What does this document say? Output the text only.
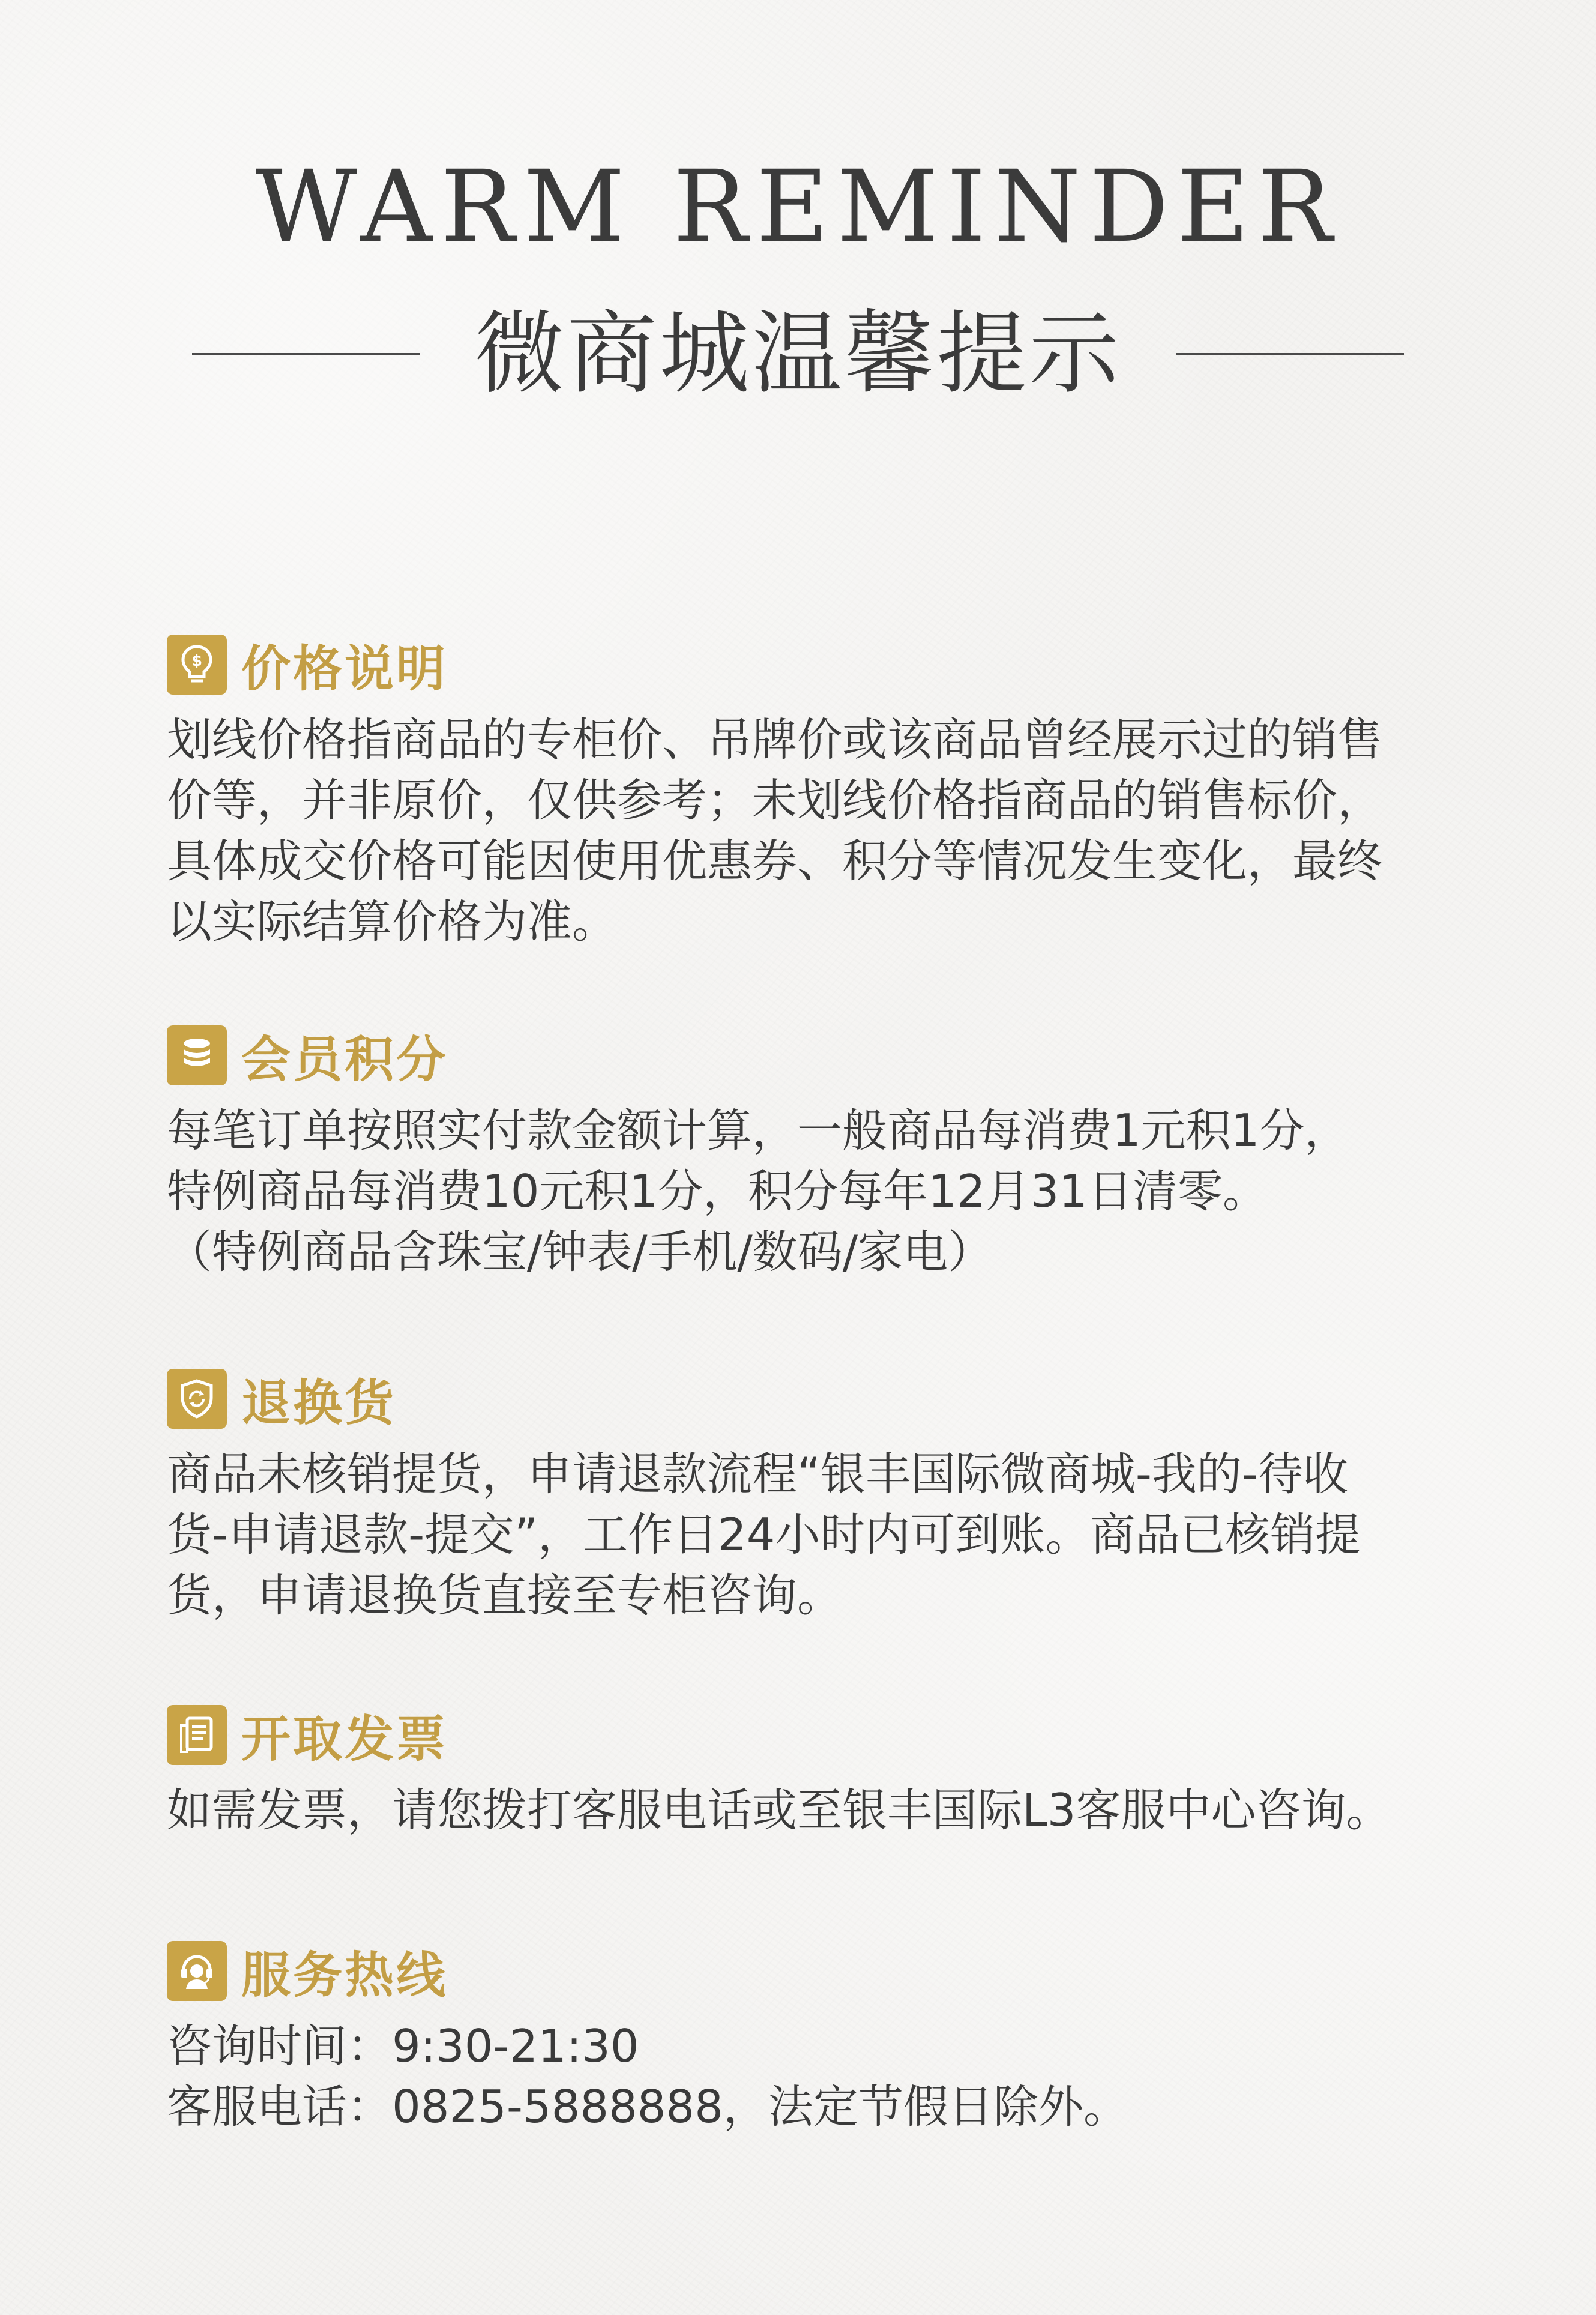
WARM REMINDER
微商城温馨提示
$ 价格说明
划线价格指商品的专柜价、吊牌价或该商品曾经展示过的销售
价等，并非原价，仅供参考；未划线价格指商品的销售标价，
具体成交价格可能因使用优惠券、积分等情况发生变化，最终
以实际结算价格为准。
会员积分
每笔订单按照实付款金额计算，一般商品每消费1元积1分，
特例商品每消费10元积1分，积分每年12月31日清零。
（特例商品含珠宝/钟表/手机/数码/家电）
退换货
商品未核销提货，申请退款流程“银丰国际微商城-我的-待收
货-申请退款-提交”，工作日24小时内可到账。商品已核销提
货，申请退换货直接至专柜咨询。
开取发票
如需发票，请您拨打客服电话或至银丰国际L3客服中心咨询。
服务热线
咨询时间：9:30-21:30
客服电话：0825-5888888，法定节假日除外。
